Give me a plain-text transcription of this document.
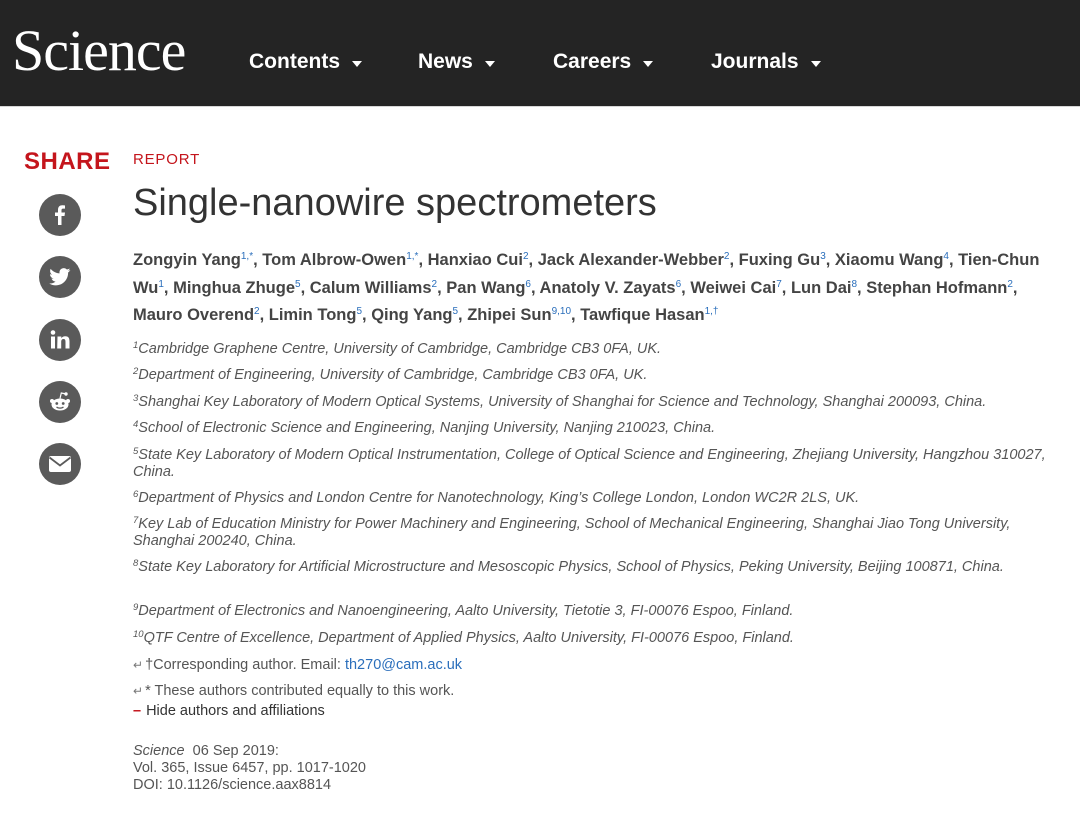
Science	Contents	News	Careers	Journals
SHARE REPORT
Single-nanowire spectrometers
Zongyin Yang$^{1,*}$, Tom Albrow-Owen$^{1,*}$, Hanxiao Cui$^2$, Jack Alexander-Webber$^2$, Fuxing Gu$^3$, Xiaomu Wang$^4$, Tien-Chun Wu$^1$, Minghua Zhuge$^5$, Calum Williams$^2$, Pan Wang$^6$, Anatoly V. Zayats$^6$, Weiwei Cai$^7$, Lun Dai$^8$, Stephan Hofmann$^2$, Mauro Overend$^2$, Limin Tong$^5$, Qing Yang$^5$, Zhipei Sun$^{9,10}$, Tawfique Hasan$^{1,\dagger}$
$^1$Cambridge Graphene Centre, University of Cambridge, Cambridge CB3 0FA, UK.
$^2$Department of Engineering, University of Cambridge, Cambridge CB3 0FA, UK.
$^3$Shanghai Key Laboratory of Modern Optical Systems, University of Shanghai for Science and Technology, Shanghai 200093, China.
$^4$School of Electronic Science and Engineering, Nanjing University, Nanjing 210023, China.
$^5$State Key Laboratory of Modern Optical Instrumentation, College of Optical Science and Engineering, Zhejiang University, Hangzhou 310027, China.
$^6$Department of Physics and London Centre for Nanotechnology, King’s College London, London WC2R 2LS, UK.
$^7$Key Lab of Education Ministry for Power Machinery and Engineering, School of Mechanical Engineering, Shanghai Jiao Tong University, Shanghai 200240, China.
$^8$State Key Laboratory for Artificial Microstructure and Mesoscopic Physics, School of Physics, Peking University, Beijing 100871, China.
$^9$Department of Electronics and Nanoengineering, Aalto University, Tietotie 3, FI-00076 Espoo, Finland.
$^{10}$QTF Centre of Excellence, Department of Applied Physics, Aalto University, FI-00076 Espoo, Finland.
↵ †Corresponding author. Email: th270@cam.ac.uk
↵ * These authors contributed equally to this work.
– Hide authors and affiliations
Science 06 Sep 2019:
Vol. 365, Issue 6457, pp. 1017-1020
DOI: 10.1126/science.aax8814
